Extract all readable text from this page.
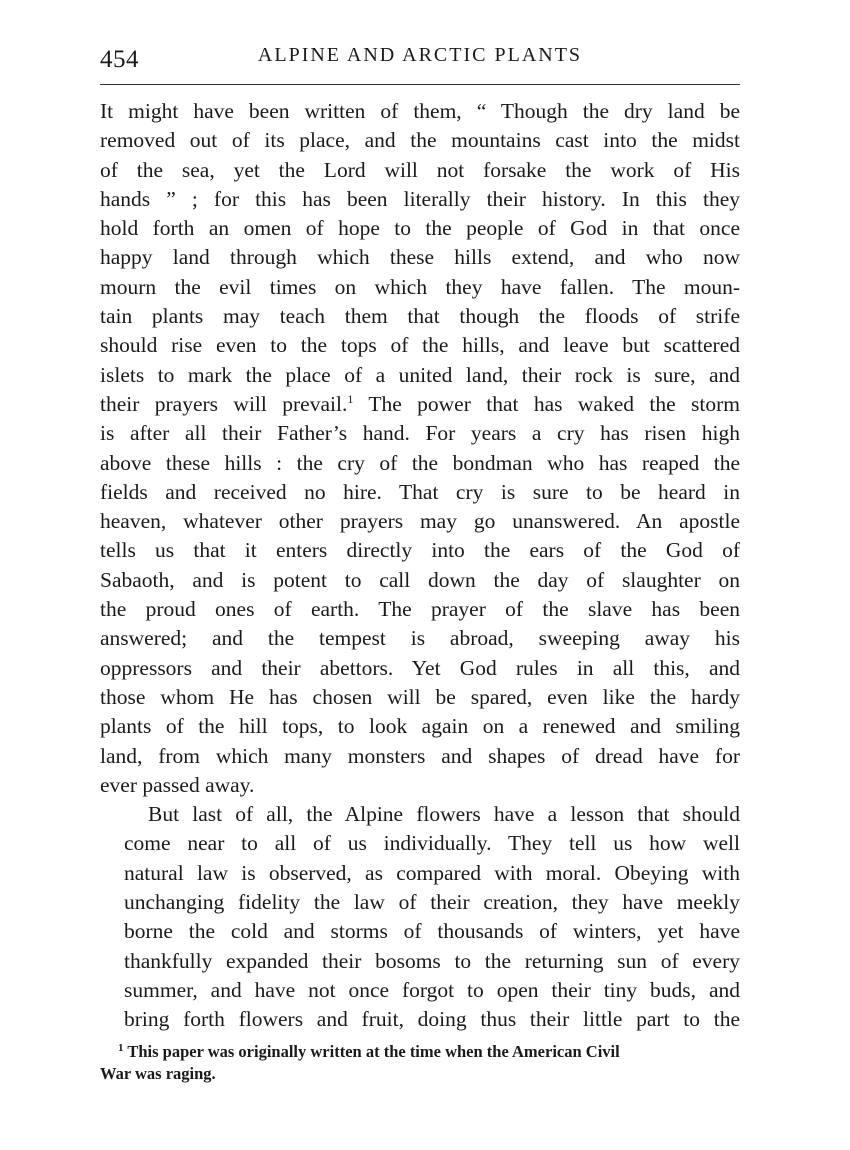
454	ALPINE AND ARCTIC PLANTS
It might have been written of them, “ Though the dry land be
removed out of its place, and the mountains cast into the midst
of the sea, yet the Lord will not forsake the work of His
hands ” ; for this has been literally their history. In this they
hold forth an omen of hope to the people of God in that once
happy land through which these hills extend, and who now
mourn the evil times on which they have fallen. The moun-
tain plants may teach them that though the floods of strife
should rise even to the tops of the hills, and leave but scattered
islets to mark the place of a united land, their rock is sure, and
their prayers will prevail.$^1$ The power that has waked the storm
is after all their Father’s hand. For years a cry has risen high
above these hills : the cry of the bondman who has reaped the
fields and received no hire. That cry is sure to be heard in
heaven, whatever other prayers may go unanswered. An apostle
tells us that it enters directly into the ears of the God of
Sabaoth, and is potent to call down the day of slaughter on
the proud ones of earth. The prayer of the slave has been
answered; and the tempest is abroad, sweeping away his
oppressors and their abettors. Yet God rules in all this, and
those whom He has chosen will be spared, even like the hardy
plants of the hill tops, to look again on a renewed and smiling
land, from which many monsters and shapes of dread have for
ever passed away.
But last of all, the Alpine flowers have a lesson that should
come near to all of us individually. They tell us how well
natural law is observed, as compared with moral. Obeying with
unchanging fidelity the law of their creation, they have meekly
borne the cold and storms of thousands of winters, yet have
thankfully expanded their bosoms to the returning sun of every
summer, and have not once forgot to open their tiny buds, and
bring forth flowers and fruit, doing thus their little part to the
$^1$ This paper was originally written at the time when the American Civil
War was raging.
